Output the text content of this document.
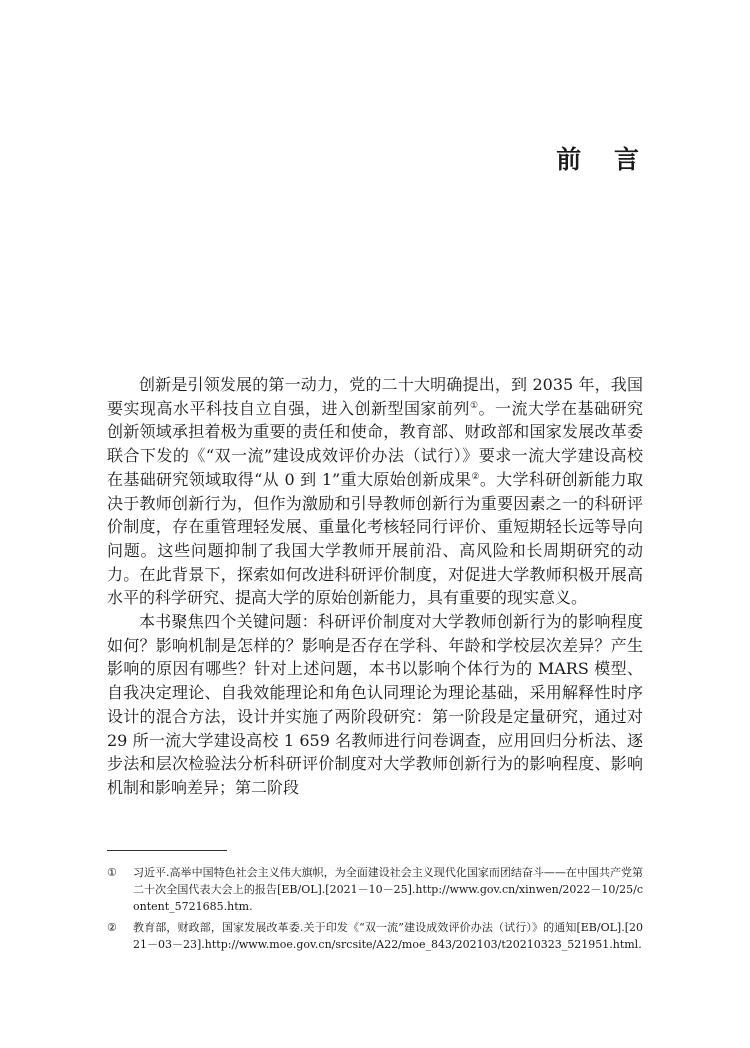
前 言

创新是引领发展的第一动力，党的二十大明确提出，到 2035 年，我国要实现高水平科技自立自强，进入创新型国家前列①。一流大学在基础研究创新领域承担着极为重要的责任和使命，教育部、财政部和国家发展改革委联合下发的《“双一流”建设成效评价办法（试行）》要求一流大学建设高校在基础研究领域取得“从 0 到 1”重大原始创新成果②。大学科研创新能力取决于教师创新行为，但作为激励和引导教师创新行为重要因素之一的科研评价制度，存在重管理轻发展、重量化考核轻同行评价、重短期轻长远等导向问题。这些问题抑制了我国大学教师开展前沿、高风险和长周期研究的动力。在此背景下，探索如何改进科研评价制度，对促进大学教师积极开展高水平的科学研究、提高大学的原始创新能力，具有重要的现实意义。

本书聚焦四个关键问题：科研评价制度对大学教师创新行为的影响程度如何？影响机制是怎样的？影响是否存在学科、年龄和学校层次差异？产生影响的原因有哪些？针对上述问题，本书以影响个体行为的 MARS 模型、自我决定理论、自我效能理论和角色认同理论为理论基础，采用解释性时序设计的混合方法，设计并实施了两阶段研究：第一阶段是定量研究，通过对 29 所一流大学建设高校 1 659 名教师进行问卷调查，应用回归分析法、逐步法和层次检验法分析科研评价制度对大学教师创新行为的影响程度、影响机制和影响差异；第二阶段

① 习近平.高举中国特色社会主义伟大旗帜，为全面建设社会主义现代化国家而团结奋斗——在中国共产党第二十次全国代表大会上的报告[EB/OL].[2021－10－25].http://www.gov.cn/xinwen/2022－10/25/content_5721685.htm.
② 教育部，财政部，国家发展改革委.关于印发《“双一流”建设成效评价办法（试行）》的通知[EB/OL].[2021－03－23].http://www.moe.gov.cn/srcsite/A22/moe_843/202103/t20210323_521951.html.
